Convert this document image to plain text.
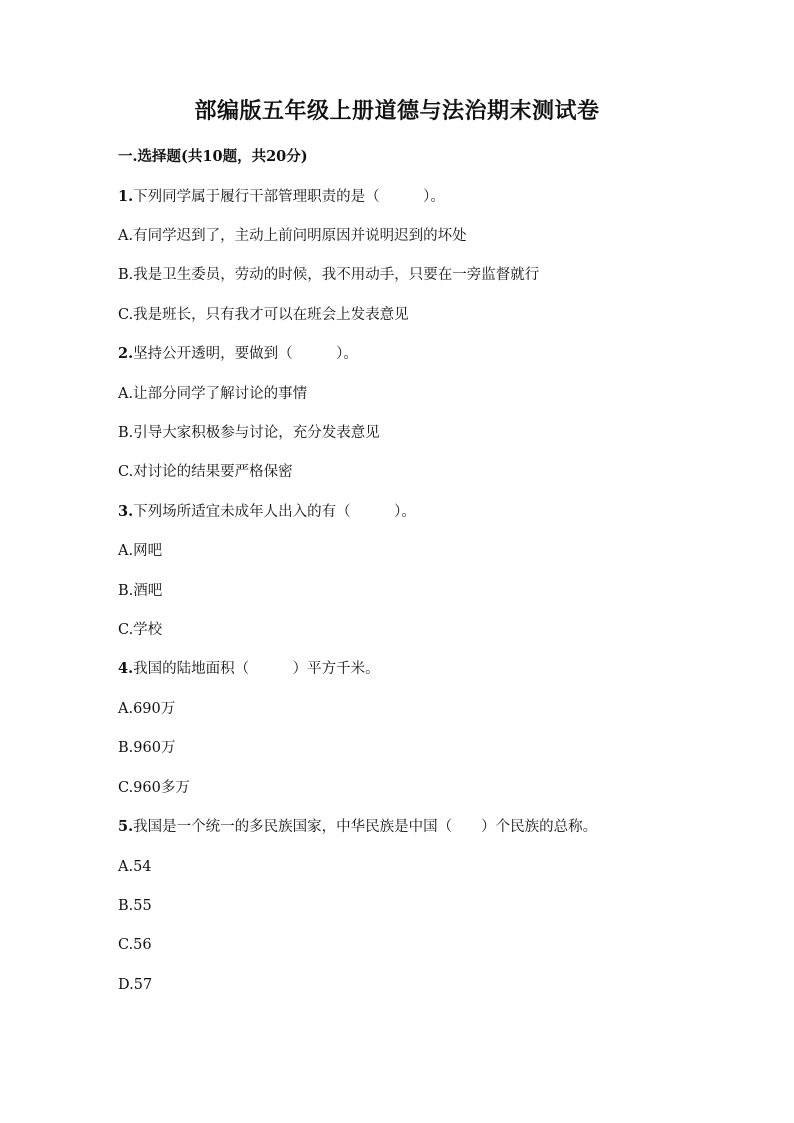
部编版五年级上册道德与法治期末测试卷
一.选择题(共10题，共20分)
1.下列同学属于履行干部管理职责的是（　　　）。
A.有同学迟到了，主动上前问明原因并说明迟到的坏处
B.我是卫生委员，劳动的时候，我不用动手，只要在一旁监督就行
C.我是班长，只有我才可以在班会上发表意见
2.坚持公开透明，要做到（　　　）。
A.让部分同学了解讨论的事情
B.引导大家积极参与讨论，充分发表意见
C.对讨论的结果要严格保密
3.下列场所适宜未成年人出入的有（　　　）。
A.网吧
B.酒吧
C.学校
4.我国的陆地面积（　　　）平方千米。
A.690万
B.960万
C.960多万
5.我国是一个统一的多民族国家，中华民族是中国（　　）个民族的总称。
A.54
B.55
C.56
D.57
